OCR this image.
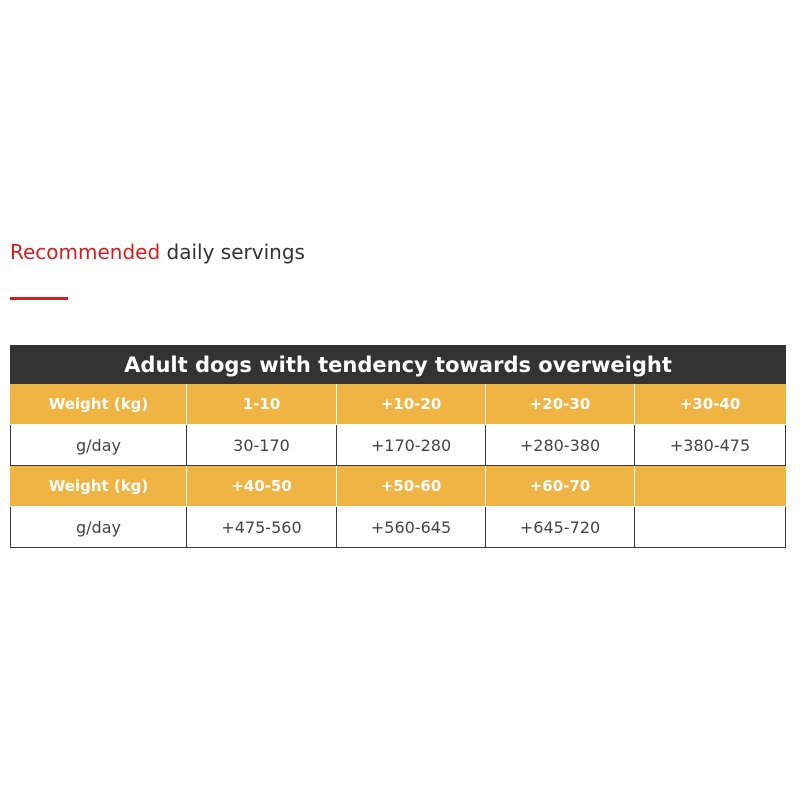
Recommended daily servings
Adult dogs with tendency towards overweight				
Weight (kg)	1-10	+10-20	+20-30	+30-40
g/day	30-170	+170-280	+280-380	+380-475
Weight (kg)	+40-50	+50-60	+60-70	
g/day	+475-560	+560-645	+645-720	
